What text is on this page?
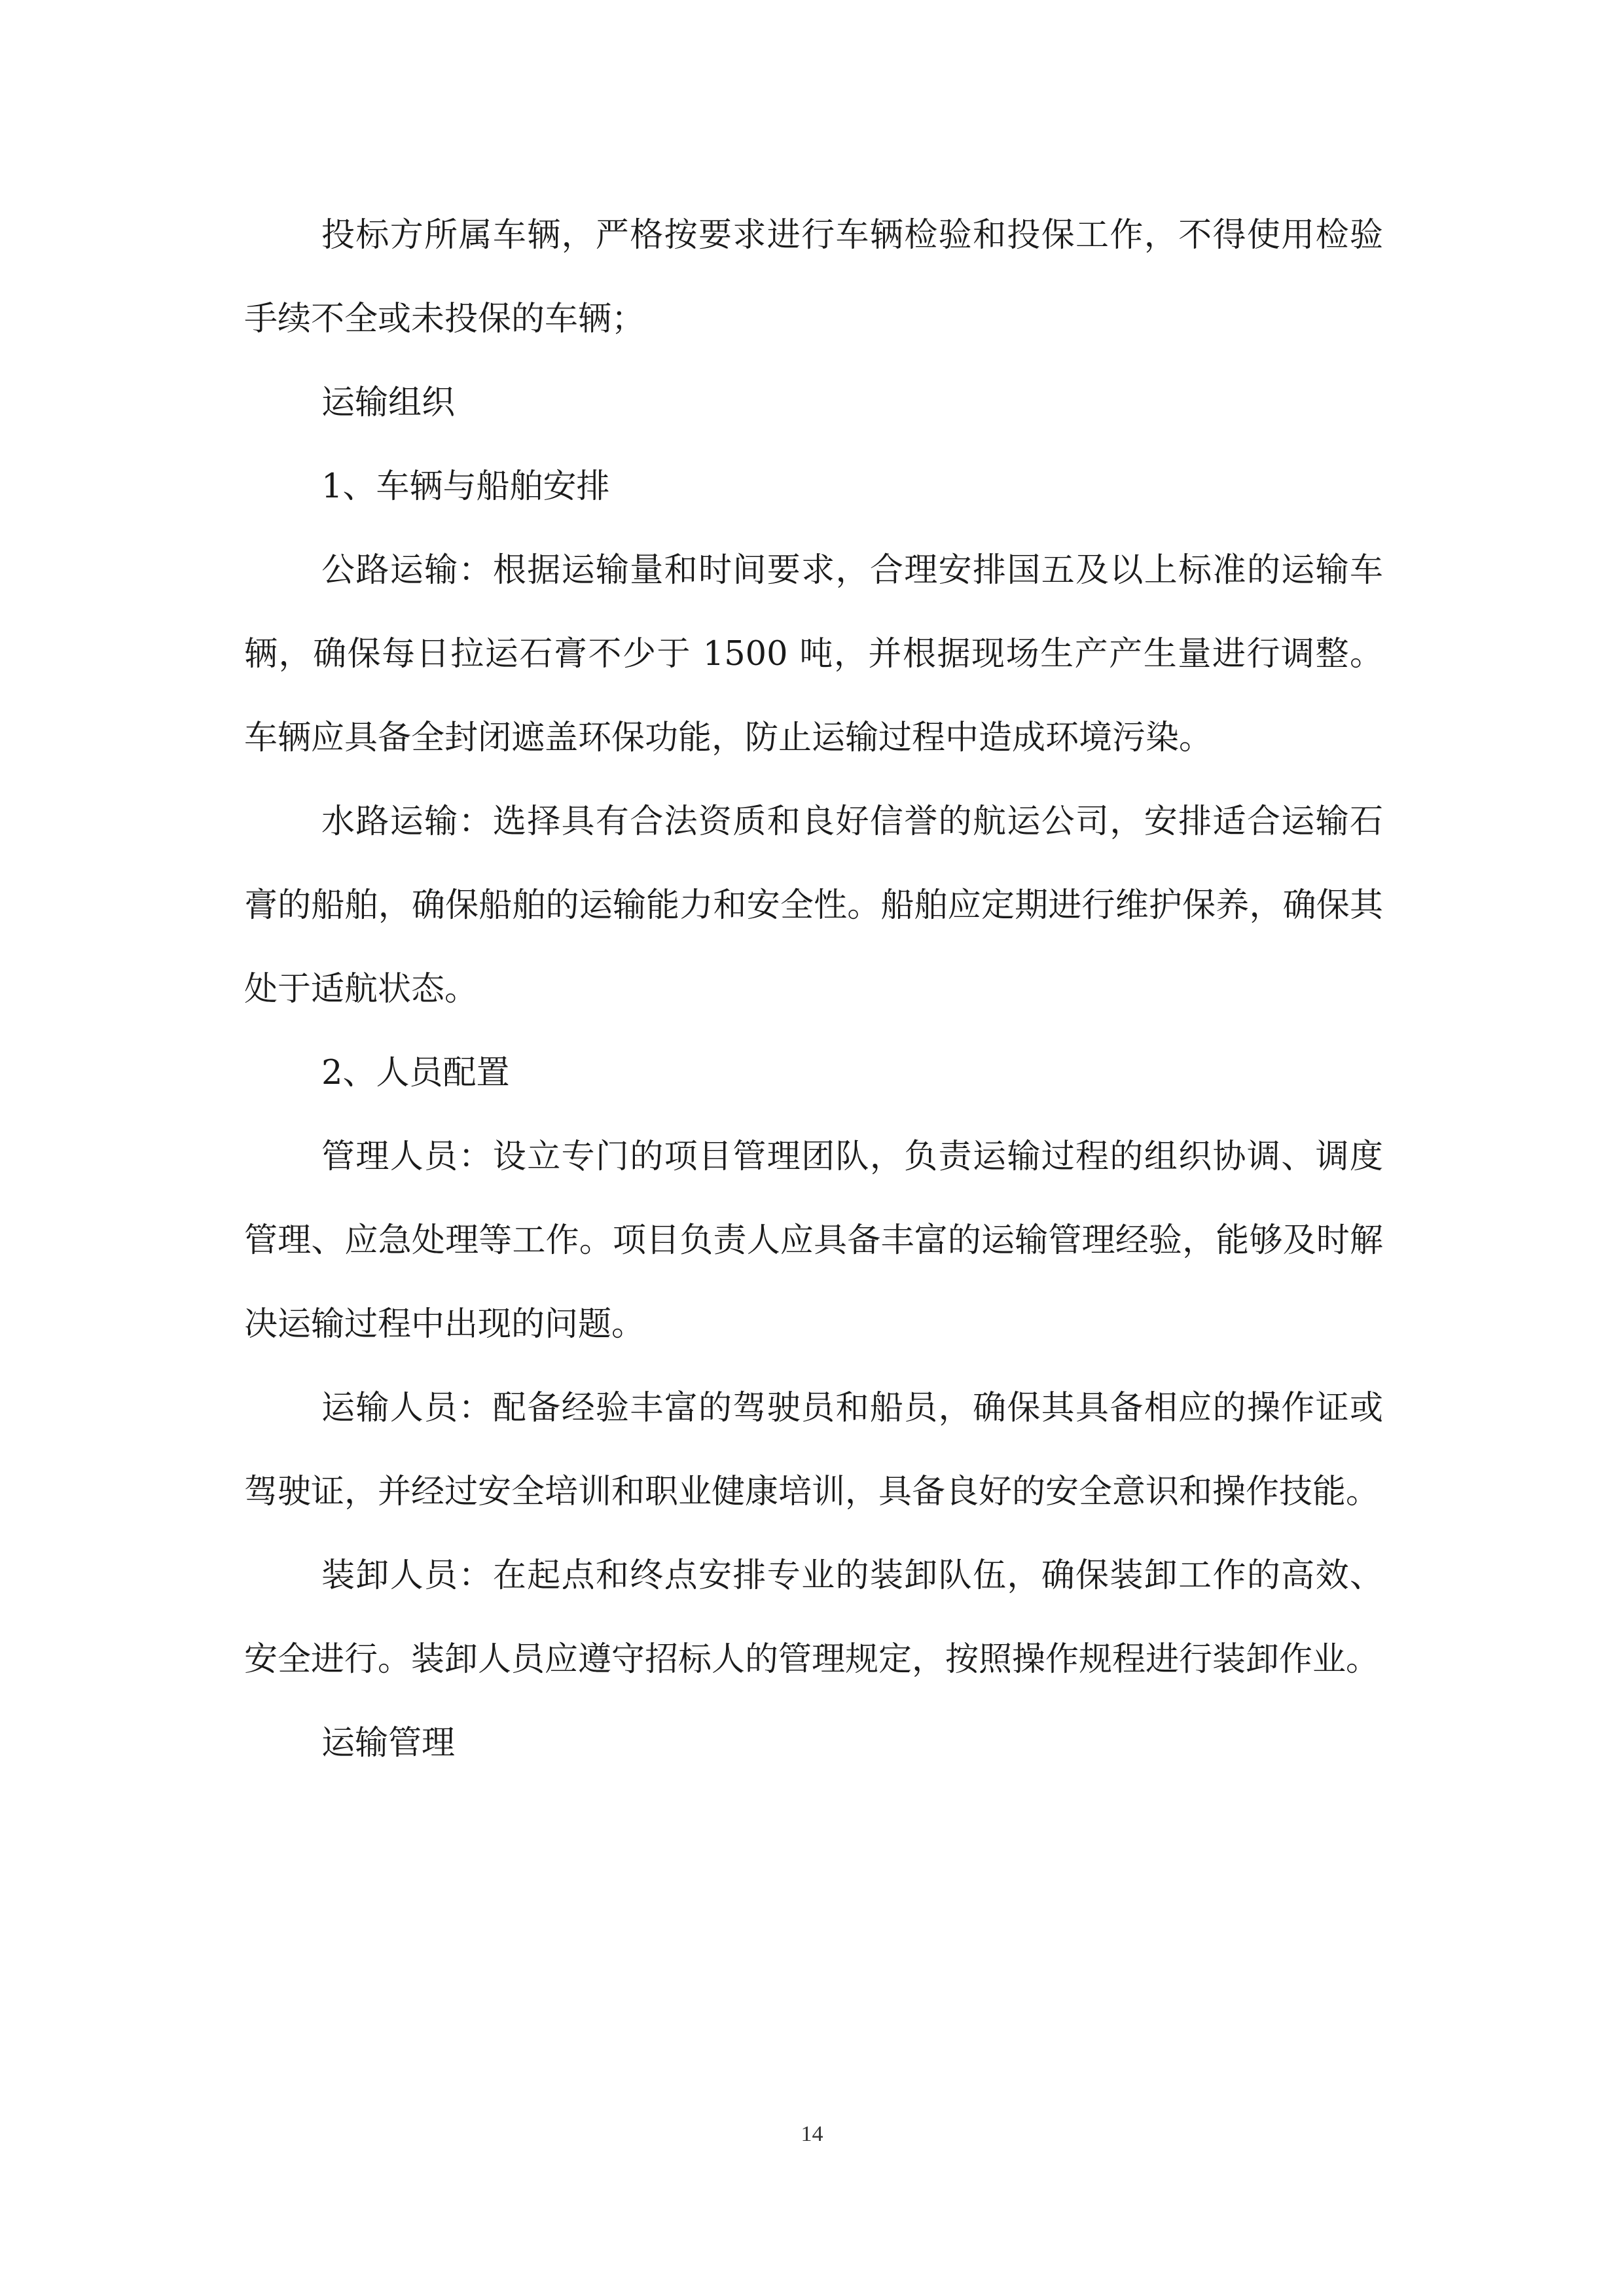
投标方所属车辆，严格按要求进行车辆检验和投保工作，不得使用检验手续不全或未投保的车辆；

运输组织

1、车辆与船舶安排

公路运输：根据运输量和时间要求，合理安排国五及以上标准的运输车辆，确保每日拉运石膏不少于 1500 吨，并根据现场生产产生量进行调整。车辆应具备全封闭遮盖环保功能，防止运输过程中造成环境污染。

水路运输：选择具有合法资质和良好信誉的航运公司，安排适合运输石膏的船舶，确保船舶的运输能力和安全性。船舶应定期进行维护保养，确保其处于适航状态。

2、人员配置

管理人员：设立专门的项目管理团队，负责运输过程的组织协调、调度管理、应急处理等工作。项目负责人应具备丰富的运输管理经验，能够及时解决运输过程中出现的问题。

运输人员：配备经验丰富的驾驶员和船员，确保其具备相应的操作证或驾驶证，并经过安全培训和职业健康培训，具备良好的安全意识和操作技能。

装卸人员：在起点和终点安排专业的装卸队伍，确保装卸工作的高效、安全进行。装卸人员应遵守招标人的管理规定，按照操作规程进行装卸作业。

运输管理

14
